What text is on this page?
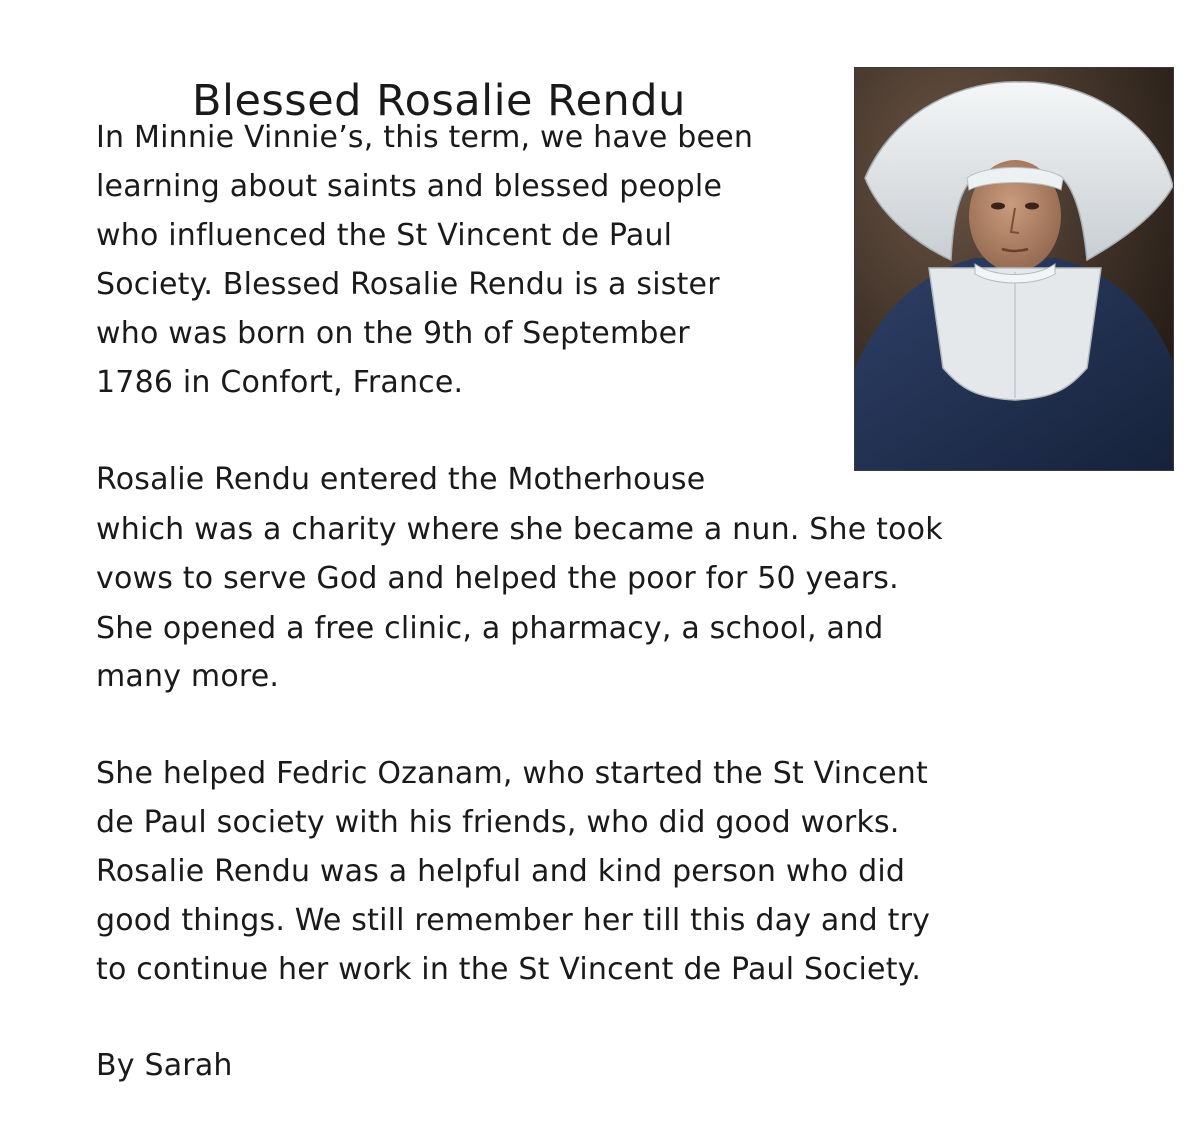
Blessed Rosalie Rendu
In Minnie Vinnie’s, this term, we have been
learning about saints and blessed people
who influenced the St Vincent de Paul
Society. Blessed Rosalie Rendu is a sister
who was born on the 9th of September
1786 in Confort, France.
Rosalie Rendu entered the Motherhouse
which was a charity where she became a nun. She took
vows to serve God and helped the poor for 50 years.
She opened a free clinic, a pharmacy, a school, and
many more.
She helped Fedric Ozanam, who started the St Vincent
de Paul society with his friends, who did good works.
Rosalie Rendu was a helpful and kind person who did
good things. We still remember her till this day and try
to continue her work in the St Vincent de Paul Society.
By Sarah
